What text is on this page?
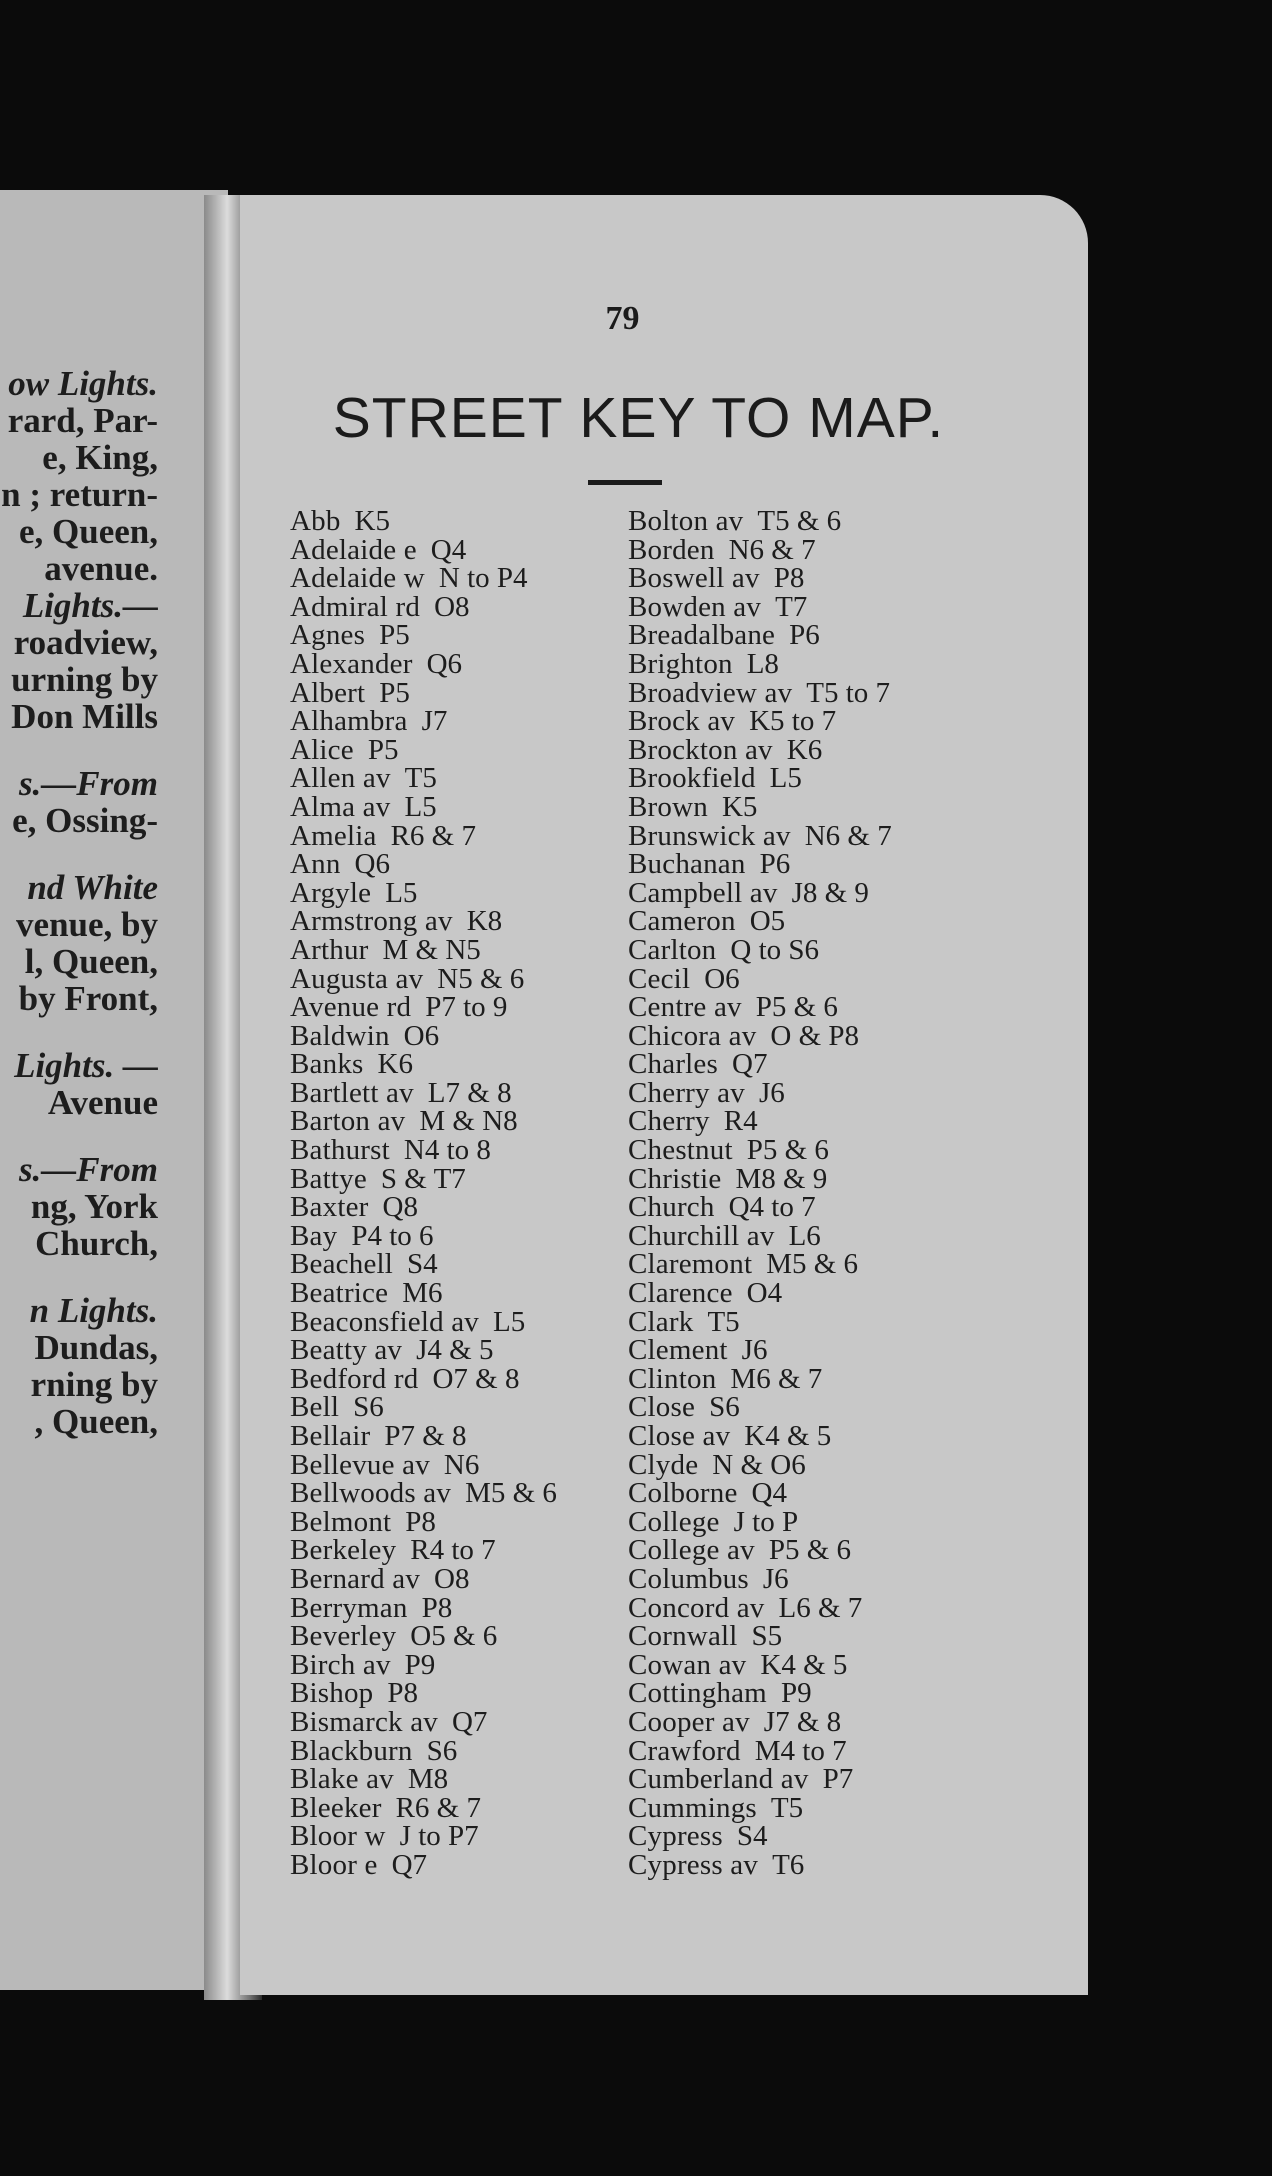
ow Lights.
rard, Par-
e, King,
n ; return-
e, Queen,
avenue.
Lights.—
roadview,
urning by
Don Mills
s.—From
e, Ossing-
nd White
venue, by
l, Queen,
by Front,
Lights. —
Avenue
s.—From
ng, York
Church,
n Lights.
Dundas,
rning by
, Queen,
79
STREET KEY TO MAP.
Abb K5
Adelaide e Q4
Adelaide w N to P4
Admiral rd O8
Agnes P5
Alexander Q6
Albert P5
Alhambra J7
Alice P5
Allen av T5
Alma av L5
Amelia R6 & 7
Ann Q6
Argyle L5
Armstrong av K8
Arthur M & N5
Augusta av N5 & 6
Avenue rd P7 to 9
Baldwin O6
Banks K6
Bartlett av L7 & 8
Barton av M & N8
Bathurst N4 to 8
Battye S & T7
Baxter Q8
Bay P4 to 6
Beachell S4
Beatrice M6
Beaconsfield av L5
Beatty av J4 & 5
Bedford rd O7 & 8
Bell S6
Bellair P7 & 8
Bellevue av N6
Bellwoods av M5 & 6
Belmont P8
Berkeley R4 to 7
Bernard av O8
Berryman P8
Beverley O5 & 6
Birch av P9
Bishop P8
Bismarck av Q7
Blackburn S6
Blake av M8
Bleeker R6 & 7
Bloor w J to P7
Bloor e Q7
Bolton av T5 & 6
Borden N6 & 7
Boswell av P8
Bowden av T7
Breadalbane P6
Brighton L8
Broadview av T5 to 7
Brock av K5 to 7
Brockton av K6
Brookfield L5
Brown K5
Brunswick av N6 & 7
Buchanan P6
Campbell av J8 & 9
Cameron O5
Carlton Q to S6
Cecil O6
Centre av P5 & 6
Chicora av O & P8
Charles Q7
Cherry av J6
Cherry R4
Chestnut P5 & 6
Christie M8 & 9
Church Q4 to 7
Churchill av L6
Claremont M5 & 6
Clarence O4
Clark T5
Clement J6
Clinton M6 & 7
Close S6
Close av K4 & 5
Clyde N & O6
Colborne Q4
College J to P
College av P5 & 6
Columbus J6
Concord av L6 & 7
Cornwall S5
Cowan av K4 & 5
Cottingham P9
Cooper av J7 & 8
Crawford M4 to 7
Cumberland av P7
Cummings T5
Cypress S4
Cypress av T6
